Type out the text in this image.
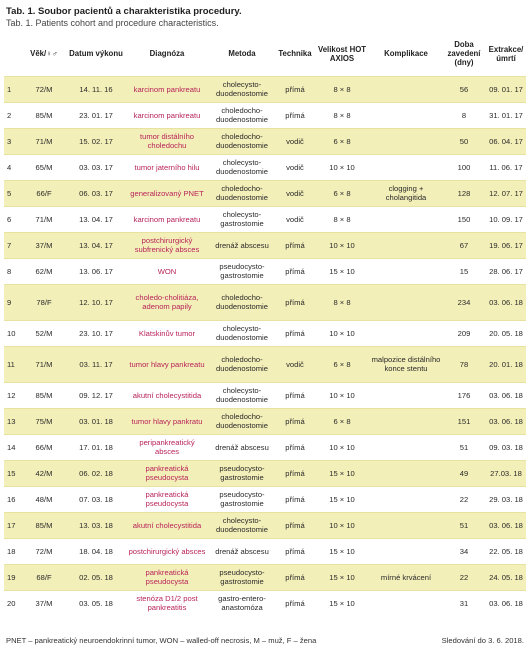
Tab. 1. Soubor pacientů a charakteristika procedury.
Tab. 1. Patients cohort and procedure characteristics.
	Věk/♀♂	Datum výkonu	Diagnóza	Metoda	Technika	Velikost HOT AXIOS	Komplikace	Doba zavedení (dny)	Extrakce/ úmrtí
1	72/M	14. 11. 16	karcinom pankreatu	cholecysto-duodenostomie	přímá	8 × 8		56	09. 01. 17
2	85/M	23. 01. 17	karcinom pankreatu	choledocho-duodenostomie	přímá	8 × 8		8	31. 01. 17
3	71/M	15. 02. 17	tumor distálního choledochu	choledocho-duodenostomie	vodič	6 × 8		50	06. 04. 17
4	65/M	03. 03. 17	tumor jaterního hilu	cholecysto-duodenostomie	vodič	10 × 10		100	11. 06. 17
5	66/F	06. 03. 17	generalizovaný PNET	choledocho-duodenostomie	vodič	6 × 8	clogging + cholangitida	128	12. 07. 17
6	71/M	13. 04. 17	karcinom pankreatu	cholecysto-gastrostomie	vodič	8 × 8		150	10. 09. 17
7	37/M	13. 04. 17	postchirurgický subfrenický absces	drenáž abscesu	přímá	10 × 10		67	19. 06. 17
8	62/M	13. 06. 17	WON	pseudocysto-gastrostomie	přímá	15 × 10		15	28. 06. 17
9	78/F	12. 10. 17	choledo-cholitiáza, adenom papily	choledocho-duodenostomie	přímá	8 × 8		234	03. 06. 18
10	52/M	23. 10. 17	Klatskinův tumor	cholecysto-duodenostomie	přímá	10 × 10		209	20. 05. 18
11	71/M	03. 11. 17	tumor hlavy pankreatu	choledocho-duodenostomie	vodič	6 × 8	malpozice distálního konce stentu	78	20. 01. 18
12	85/M	09. 12. 17	akutní cholecystitida	cholecysto-duodenostomie	přímá	10 × 10		176	03. 06. 18
13	75/M	03. 01. 18	tumor hlavy pankratu	choledocho-duodenostomie	přímá	6 × 8		151	03. 06. 18
14	66/M	17. 01. 18	peripankreatický absces	drenáž abscesu	přímá	10 × 10		51	09. 03. 18
15	42/M	06. 02. 18	pankreatická pseudocysta	pseudocysto-gastrostomie	přímá	15 × 10		49	27.03. 18
16	48/M	07. 03. 18	pankreatická pseudocysta	pseudocysto-gastrostomie	přímá	15 × 10		22	29. 03. 18
17	85/M	13. 03. 18	akutní cholecystitida	cholecysto-duodenostomie	přímá	10 × 10		51	03. 06. 18
18	72/M	18. 04. 18	postchirurgický absces	drenáž abscesu	přímá	15 × 10		34	22. 05. 18
19	68/F	02. 05. 18	pankreatická pseudocysta	pseudocysto-gastrostomie	přímá	15 × 10	mírné krvácení	22	24. 05. 18
20	37/M	03. 05. 18	stenóza D1/2 post pankreatitis	gastro-entero-anastomóza	přímá	15 × 10		31	03. 06. 18
PNET – pankreatický neuroendokrinní tumor, WON – walled-off necrosis, M – muž, F – žena	Sledování do 3. 6. 2018.
